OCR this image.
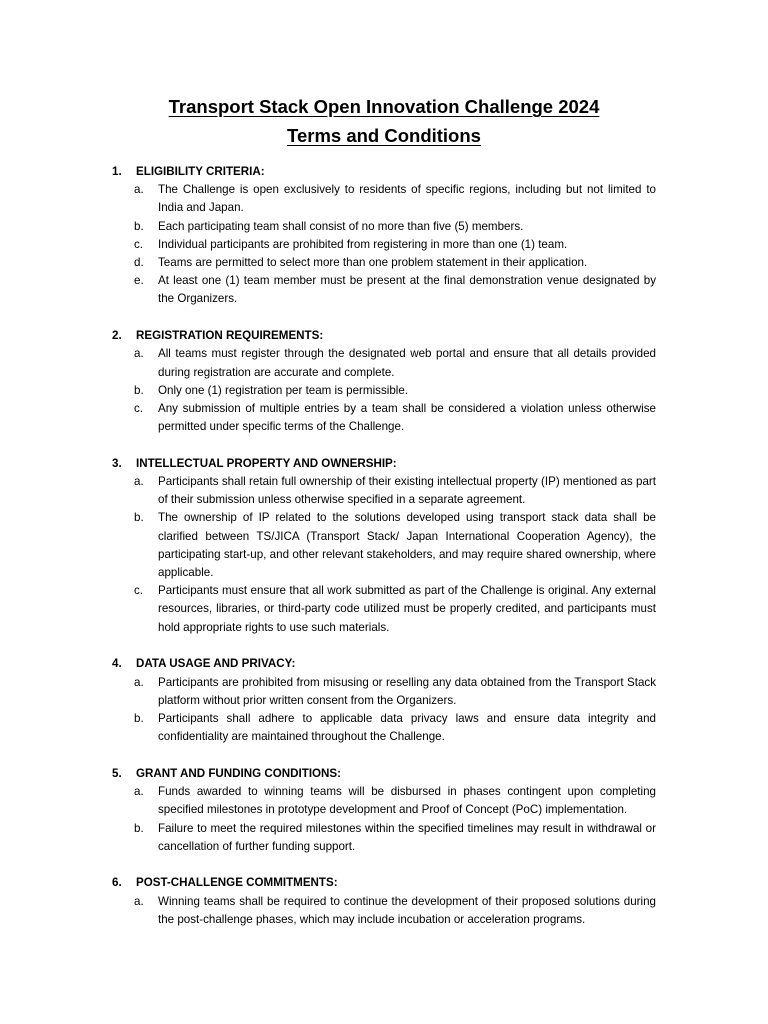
Transport Stack Open Innovation Challenge 2024

Terms and Conditions

1.	ELIGIBILITY CRITERIA:
a.	The Challenge is open exclusively to residents of specific regions, including but not limited to India and Japan.
b.	Each participating team shall consist of no more than five (5) members.
c.	Individual participants are prohibited from registering in more than one (1) team.
d.	Teams are permitted to select more than one problem statement in their application.
e.	At least one (1) team member must be present at the final demonstration venue designated by the Organizers.
2.	REGISTRATION REQUIREMENTS:
a.	All teams must register through the designated web portal and ensure that all details provided during registration are accurate and complete.
b.	Only one (1) registration per team is permissible.
c.	Any submission of multiple entries by a team shall be considered a violation unless otherwise permitted under specific terms of the Challenge.
3.	INTELLECTUAL PROPERTY AND OWNERSHIP:
a.	Participants shall retain full ownership of their existing intellectual property (IP) mentioned as part of their submission unless otherwise specified in a separate agreement.
b.	The ownership of IP related to the solutions developed using transport stack data shall be clarified between TS/JICA (Transport Stack/ Japan International Cooperation Agency), the participating start-up, and other relevant stakeholders, and may require shared ownership, where applicable.
c.	Participants must ensure that all work submitted as part of the Challenge is original. Any external resources, libraries, or third-party code utilized must be properly credited, and participants must hold appropriate rights to use such materials.
4.	DATA USAGE AND PRIVACY:
a.	Participants are prohibited from misusing or reselling any data obtained from the Transport Stack platform without prior written consent from the Organizers.
b.	Participants shall adhere to applicable data privacy laws and ensure data integrity and confidentiality are maintained throughout the Challenge.
5.	GRANT AND FUNDING CONDITIONS:
a.	Funds awarded to winning teams will be disbursed in phases contingent upon completing specified milestones in prototype development and Proof of Concept (PoC) implementation.
b.	Failure to meet the required milestones within the specified timelines may result in withdrawal or cancellation of further funding support.
6.	POST-CHALLENGE COMMITMENTS:
a.	Winning teams shall be required to continue the development of their proposed solutions during the post-challenge phases, which may include incubation or acceleration programs.
